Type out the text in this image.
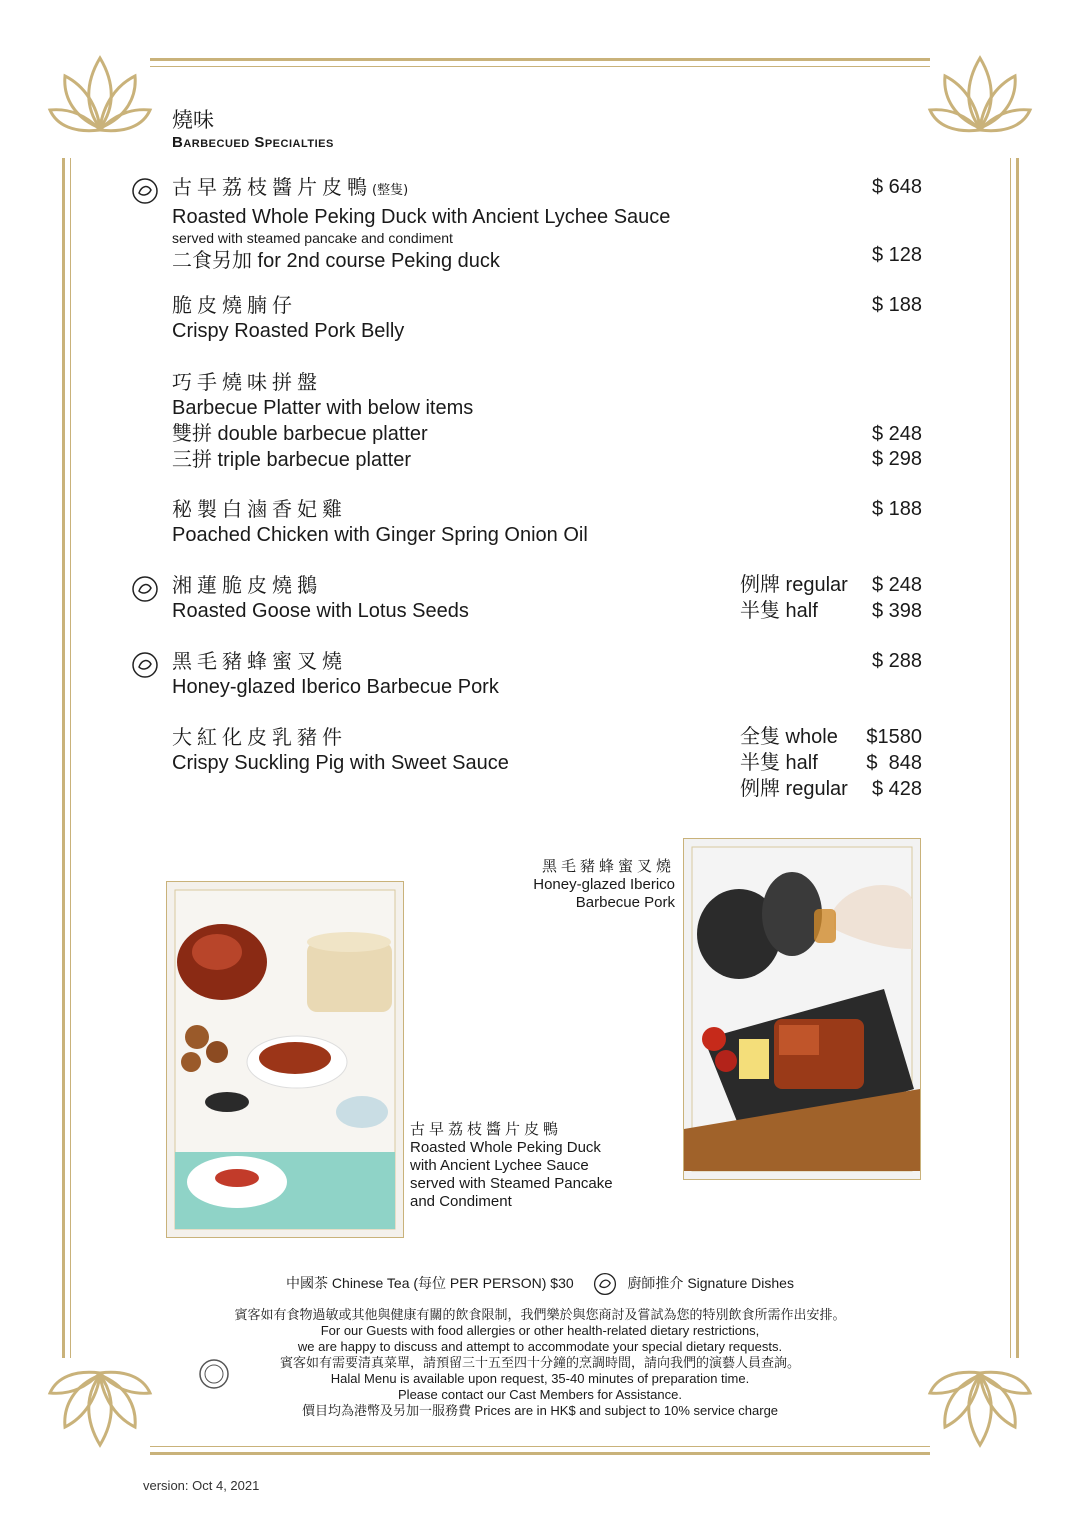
燒味
Barbecued Specialties
古早荔枝醬片皮鴨(整隻)
Roasted Whole Peking Duck with Ancient Lychee Sauce
served with steamed pancake and condiment
二食另加 for 2nd course Peking duck
$ 648
$ 128
脆皮燒腩仔
Crispy Roasted Pork Belly
$ 188
巧手燒味拼盤
Barbecue Platter with below items
雙拼 double barbecue platter
三拼 triple barbecue platter
$ 248
$ 298
秘製白滷香妃雞
Poached Chicken with Ginger Spring Onion Oil
$ 188
湘蓮脆皮燒鵝
Roasted Goose with Lotus Seeds
例牌 regular $ 248
半隻 half	$ 398
黑毛豬蜂蜜叉燒
Honey-glazed Iberico Barbecue Pork
$ 288
大紅化皮乳豬件
Crispy Suckling Pig with Sweet Sauce
全隻 whole $1580
半隻 half $  848
例牌 regular $ 428
黑毛豬蜂蜜叉燒
Honey-glazed Iberico
Barbecue Pork
古早荔枝醬片皮鴨
Roasted Whole Peking Duck
with Ancient Lychee Sauce
served with Steamed Pancake
and Condiment
中國茶 Chinese Tea (每位 PER PERSON) $30	廚師推介 Signature Dishes
賓客如有食物過敏或其他與健康有關的飲食限制，我們樂於與您商討及嘗試為您的特別飲食所需作出安排。
For our Guests with food allergies or other health-related dietary restrictions,
we are happy to discuss and attempt to accommodate your special dietary requests.
賓客如有需要清真菜單，請預留三十五至四十分鐘的烹調時間，請向我們的演藝人員查詢。
Halal Menu is available upon request, 35-40 minutes of preparation time.
Please contact our Cast Members for Assistance.
價目均為港幣及另加一服務費 Prices are in HK$ and subject to 10% service charge
version: Oct 4, 2021
